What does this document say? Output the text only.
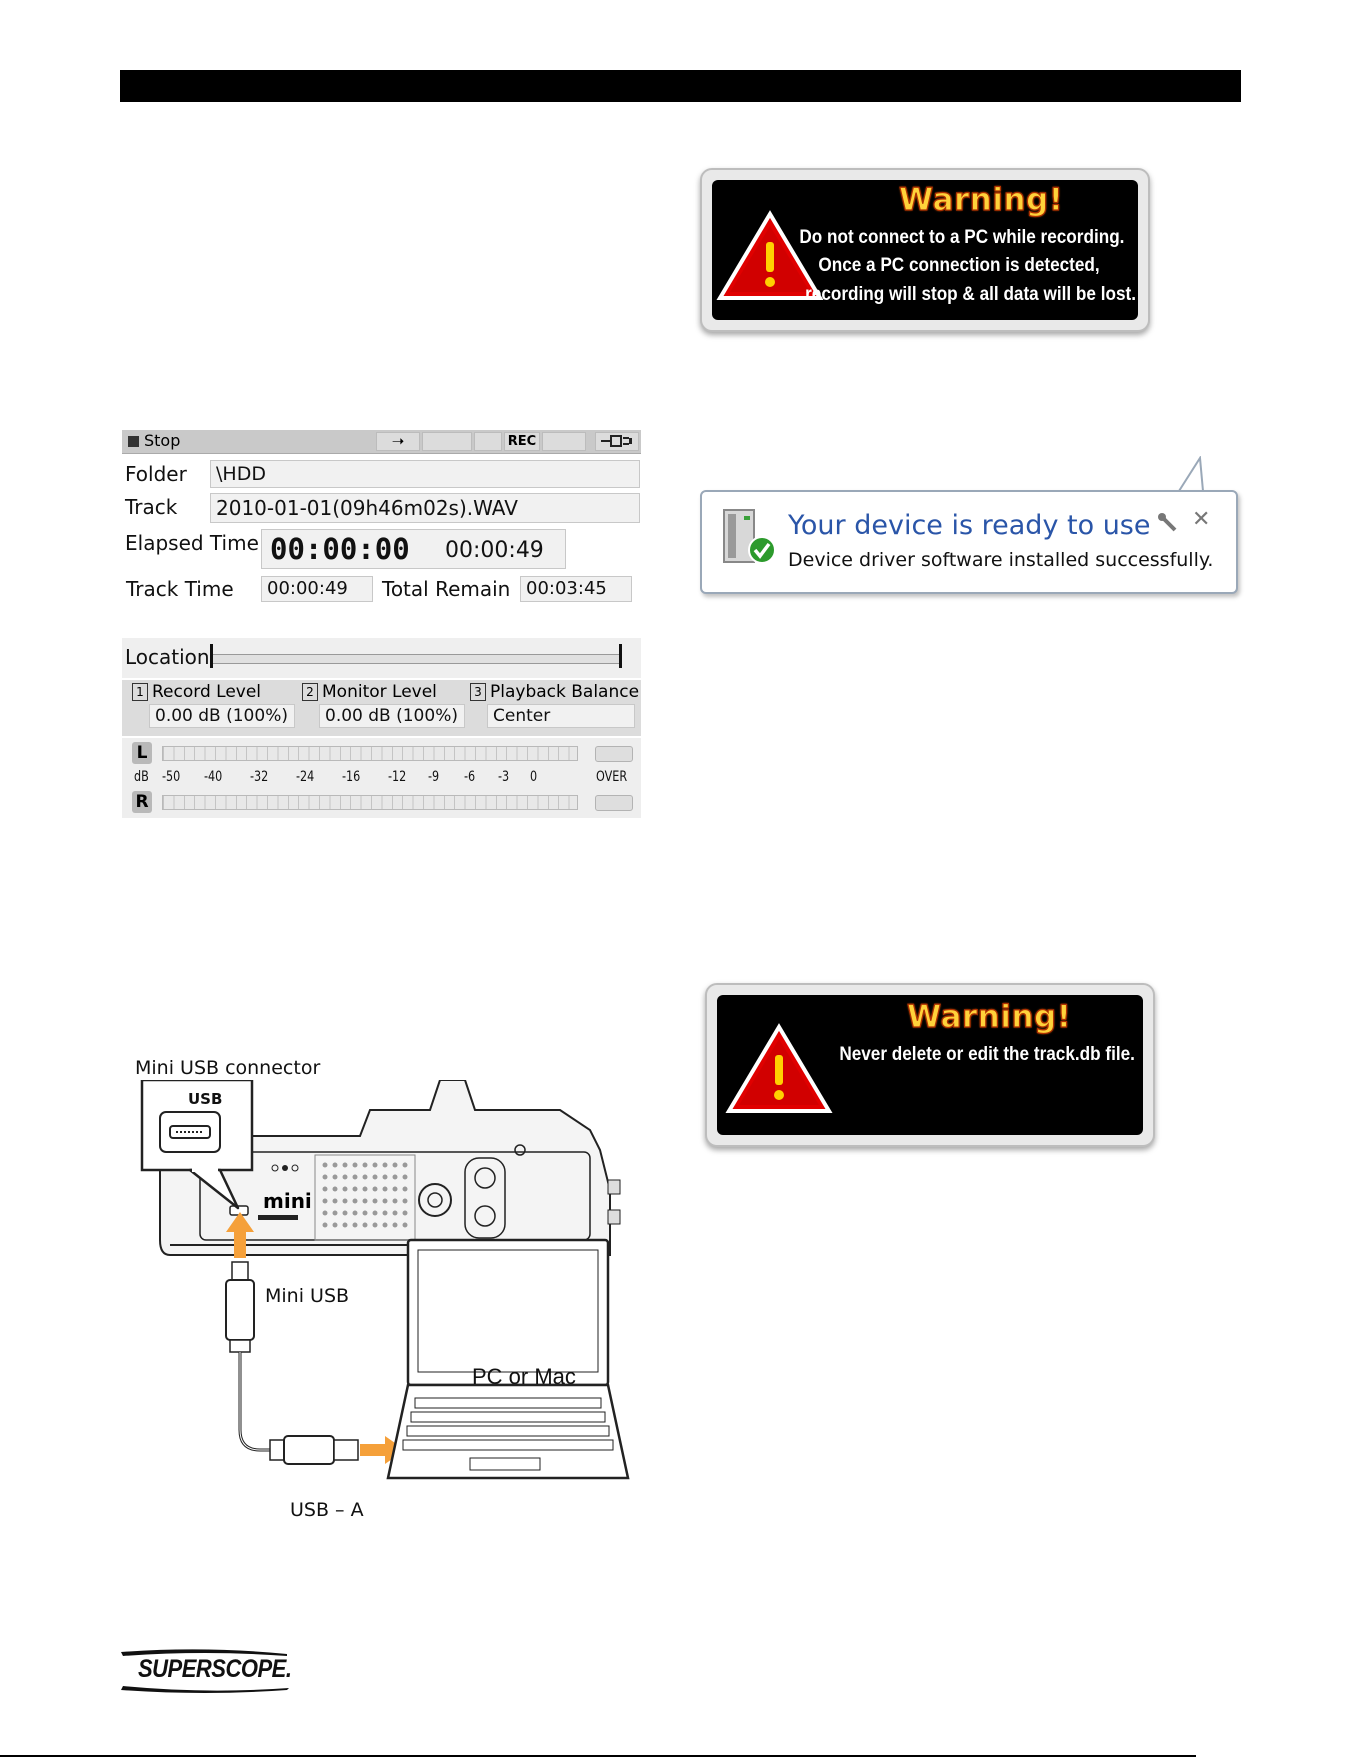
Warning!
Do not connect to a PC while recording.
Once a PC connection is detected,
recording will stop & all data will be lost.
Stop	➝	REC
Folder	\HDD
Track	2010-01-01(09h46m02s).WAV
Elapsed Time 00:00:00 00:00:49
Track Time	00:00:49	Total Remain 00:03:45
Location
1 Record Level
0.00 dB (100%)
2 Monitor Level
0.00 dB (100%)
3 Playback Balance
Center
L
dB	OVER
R
-50 -40 -32 -24 -16 -12 -9 -6 -3 0
Your device is ready to use
Device driver software installed successfully.
✕
Mini USB connector
mini
USB
Mini USB
PC or Mac
USB – A
Warning!
Never delete or edit the track.db file.
SUPERSCOPE.
